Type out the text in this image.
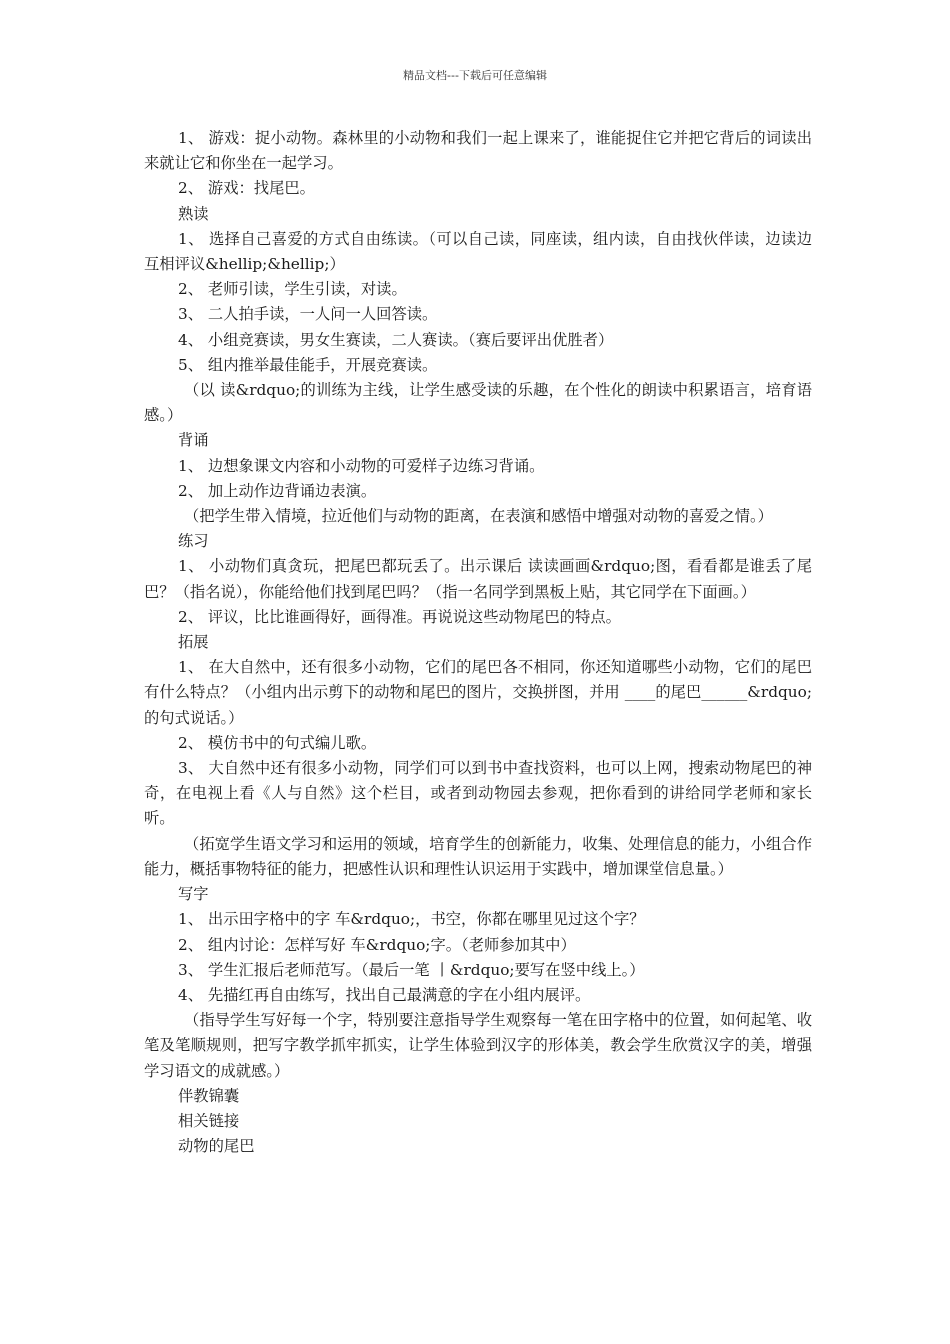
精品文档---下载后可任意编辑

1、 游戏：捉小动物。森林里的小动物和我们一起上课来了，谁能捉住它并把它背后的词读出来就让它和你坐在一起学习。

2、 游戏：找尾巴。

熟读

1、 选择自己喜爱的方式自由练读。（可以自己读，同座读，组内读，自由找伙伴读，边读边互相评议&hellip;&hellip;）

2、 老师引读，学生引读，对读。

3、 二人拍手读，一人问一人回答读。

4、 小组竞赛读，男女生赛读，二人赛读。（赛后要评出优胜者）

5、 组内推举最佳能手，开展竞赛读。

（以 读&rdquo;的训练为主线，让学生感受读的乐趣，在个性化的朗读中积累语言，培育语感。）

背诵

1、 边想象课文内容和小动物的可爱样子边练习背诵。

2、 加上动作边背诵边表演。

（把学生带入情境，拉近他们与动物的距离，在表演和感悟中增强对动物的喜爱之情。）

练习

1、 小动物们真贪玩，把尾巴都玩丢了。出示课后 读读画画&rdquo;图，看看都是谁丢了尾巴？（指名说），你能给他们找到尾巴吗？（指一名同学到黑板上贴，其它同学在下面画。）

2、 评议，比比谁画得好，画得准。再说说这些动物尾巴的特点。

拓展

1、 在大自然中，还有很多小动物，它们的尾巴各不相同，你还知道哪些小动物，它们的尾巴有什么特点？（小组内出示剪下的动物和尾巴的图片，交换拼图，并用 ____的尾巴______&rdquo;的句式说话。）

2、 模仿书中的句式编儿歌。

3、 大自然中还有很多小动物，同学们可以到书中查找资料，也可以上网，搜索动物尾巴的神奇，在电视上看《人与自然》这个栏目，或者到动物园去参观，把你看到的讲给同学老师和家长听。

（拓宽学生语文学习和运用的领域，培育学生的创新能力，收集、处理信息的能力，小组合作能力，概括事物特征的能力，把感性认识和理性认识运用于实践中，增加课堂信息量。）

写字

1、 出示田字格中的字 车&rdquo;，书空，你都在哪里见过这个字？

2、 组内讨论：怎样写好 车&rdquo;字。（老师参加其中）

3、 学生汇报后老师范写。（最后一笔 丨&rdquo;要写在竖中线上。）

4、 先描红再自由练写，找出自己最满意的字在小组内展评。

（指导学生写好每一个字，特别要注意指导学生观察每一笔在田字格中的位置，如何起笔、收笔及笔顺规则，把写字教学抓牢抓实，让学生体验到汉字的形体美，教会学生欣赏汉字的美，增强学习语文的成就感。）

伴教锦囊

相关链接

动物的尾巴
